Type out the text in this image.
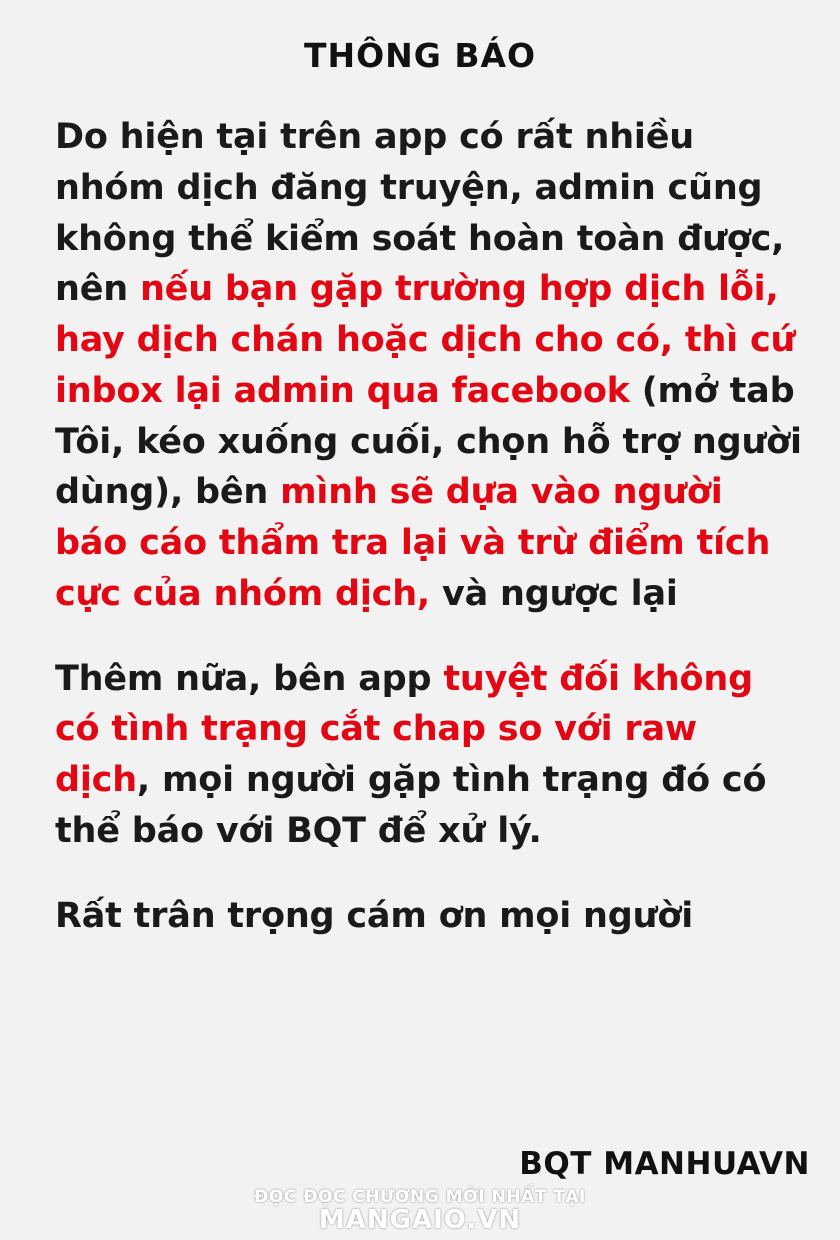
THÔNG BÁO

Do hiện tại trên app có rất nhiều nhóm dịch đăng truyện, admin cũng không thể kiểm soát hoàn toàn được, nên nếu bạn gặp trường hợp dịch lỗi, hay dịch chán hoặc dịch cho có, thì cứ inbox lại admin qua facebook (mở tab Tôi, kéo xuống cuối, chọn hỗ trợ người dùng), bên mình sẽ dựa vào người báo cáo thẩm tra lại và trừ điểm tích cực của nhóm dịch, và ngược lại

Thêm nữa, bên app tuyệt đối không có tình trạng cắt chap so với raw dịch, mọi người gặp tình trạng đó có thể báo với BQT để xử lý.

Rất trân trọng cám ơn mọi người

BQT MANHUAVN
ĐỌC ĐỌC CHƯƠNG MỚI NHẤT TẠI
MANGAIO.VN
